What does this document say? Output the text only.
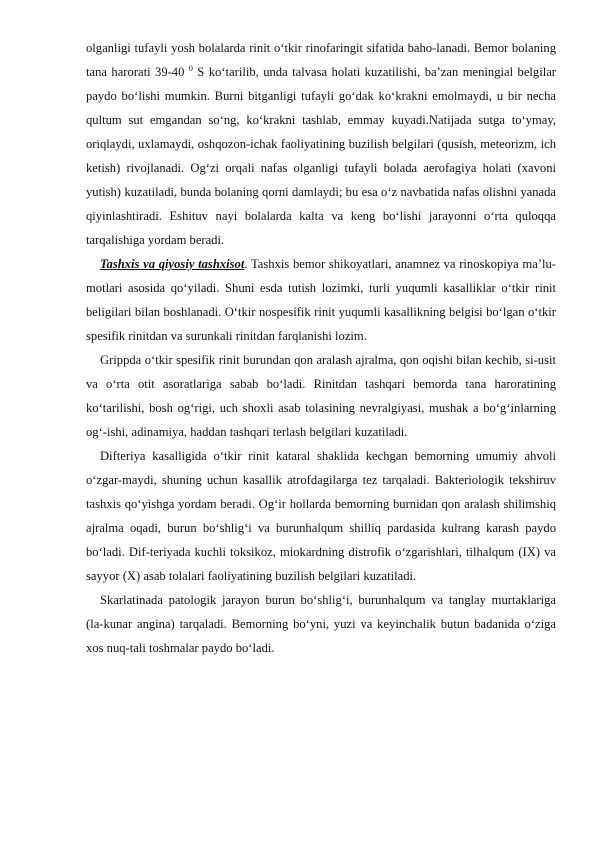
olganligi tufayli yosh bolalarda rinit o‘tkir rinofaringit sifatida baho-lanadi. Bemor bolaning tana harorati 39-40 $^0$ S ko‘tarilib, unda talvasa holati kuzatilishi, ba’zan meningial belgilar paydo bo‘lishi mumkin. Burni bitganligi tufayli go‘dak ko‘krakni emolmaydi, u bir necha qultum sut emgandan so‘ng, ko‘krakni tashlab, emmay kuyadi.Natijada sutga to‘ymay, oriqlaydi, uxlamaydi, oshqozon-ichak faoliyatining buzilish belgilari (qusish, meteorizm, ich ketish) rivojlanadi. Og‘zi orqali nafas olganligi tufayli bolada aerofagiya holati (xavoni yutish) kuzatiladi, bunda bolaning qorni damlaydi; bu esa o‘z navbatida nafas olishni yanada qiyinlashtiradi. Eshituv nayi bolalarda kalta va keng bo‘lishi jarayonni o‘rta quloqqa tarqalishiga yordam beradi.

Tashxis va qiyosiy tashxisot. Tashxis bemor shikoyatlari, anamnez va rinoskopiya ma’lu-motlari asosida qo‘yiladi. Shuni esda tutish lozimki, turli yuqumli kasalliklar o‘tkir rinit beligilari bilan boshlanadi. O‘tkir nospesifik rinit yuqumli kasallikning belgisi bo‘lgan o‘tkir spesifik rinitdan va surunkali rinitdan farqlanishi lozim.

Grippda o‘tkir spesifik rinit burundan qon aralash ajralma, qon oqishi bilan kechib, si-usit va o‘rta otit asoratlariga sabab bo‘ladi. Rinitdan tashqari bemorda tana haroratining ko‘tarilishi, bosh og‘rigi, uch shoxli asab tolasining nevralgiyasi, mushak a bo‘g‘inlarning og‘-ishi, adinamiya, haddan tashqari terlash belgilari kuzatiladi.

Difteriya kasalligida o‘tkir rinit kataral shaklida kechgan bemorning umumiy ahvoli o‘zgar-maydi, shuning uchun kasallik atrofdagilarga tez tarqaladi. Bakteriologik tekshiruv tashxis qo‘yishga yordam beradi. Og‘ir hollarda bemorning burnidan qon aralash shilimshiq ajralma oqadi, burun bo‘shlig‘i va burunhalqum shilliq pardasida kulrang karash paydo bo‘ladi. Dif-teriyada kuchli toksikoz, miokardning distrofik o‘zgarishlari, tilhalqum (IX) va sayyor (X) asab tolalari faoliyatining buzilish belgilari kuzatiladi.

Skarlatinada patologik jarayon burun bo‘shlig‘i, burunhalqum va tanglay murtaklariga (la-kunar angina) tarqaladi. Bemorning bo‘yni, yuzi va keyinchalik butun badanida o‘ziga xos nuq-tali toshmalar paydo bo‘ladi.
